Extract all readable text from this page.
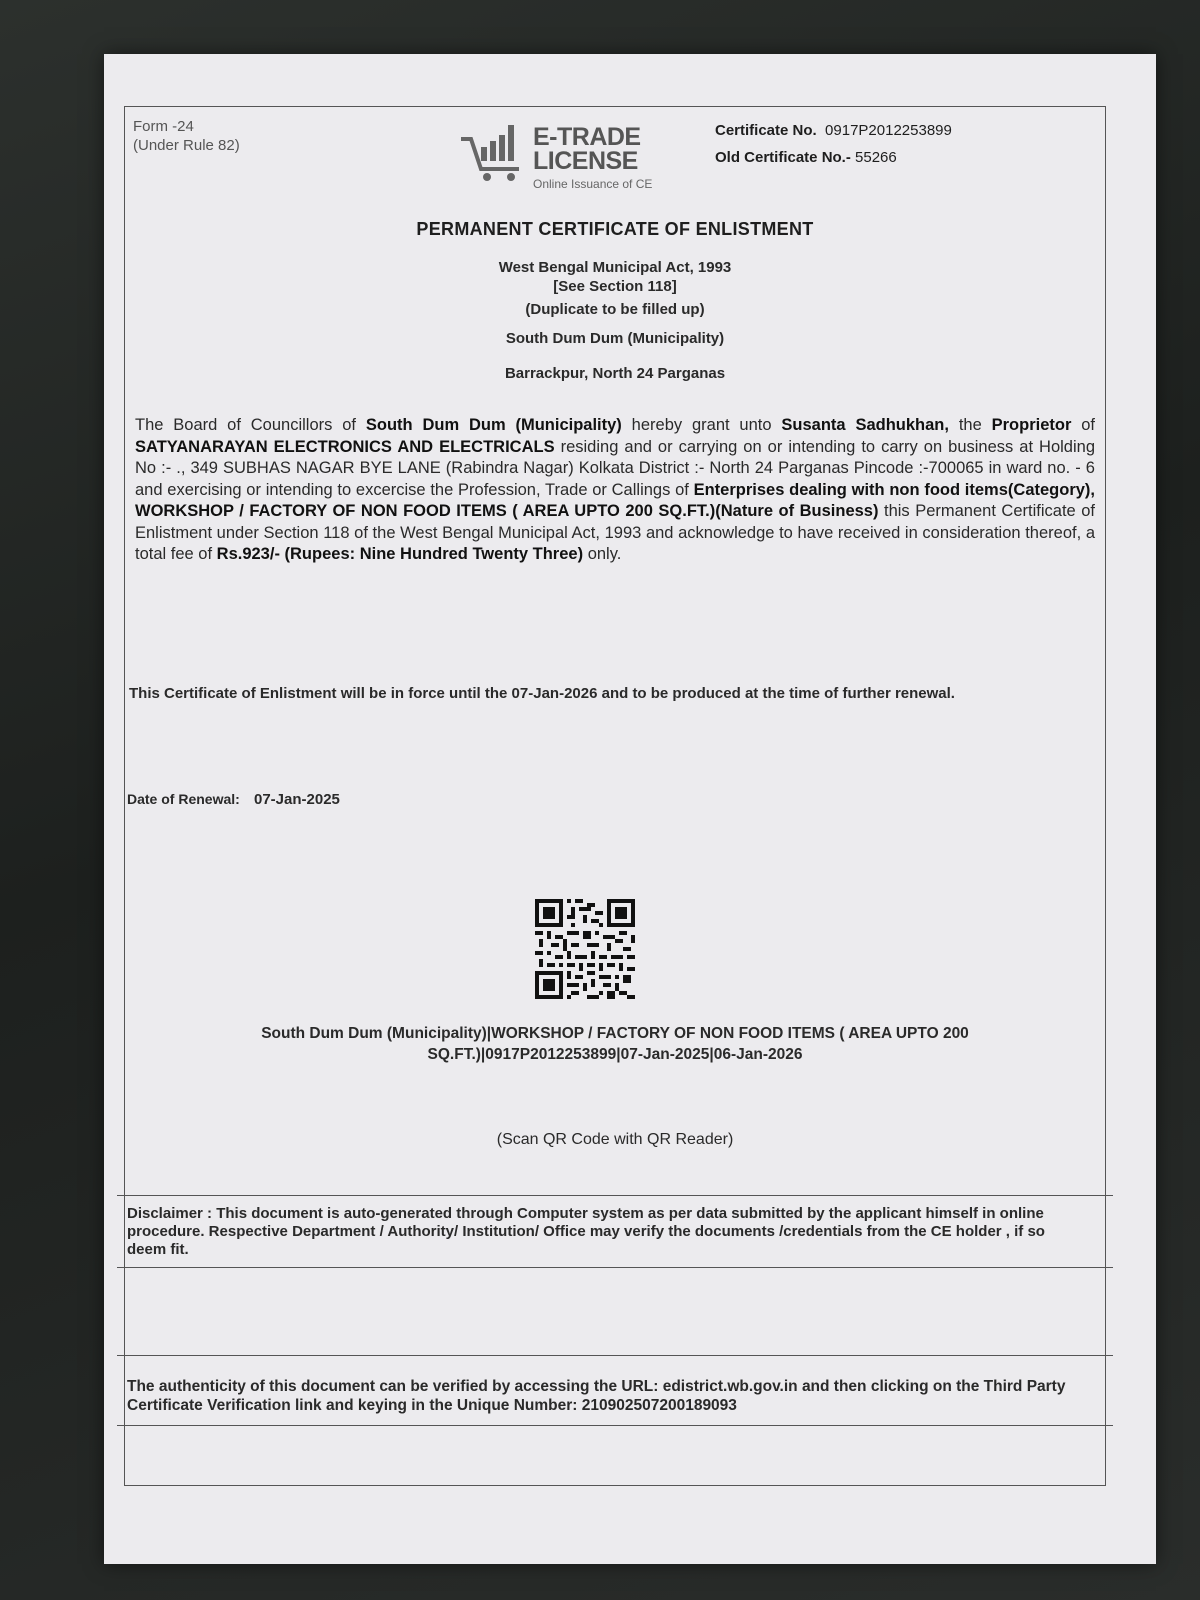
Form -24
(Under Rule 82)	E-TRADE
LICENSE
Online Issuance of CE
Certificate No. 0917P2012253899
Old Certificate No.- 55266
PERMANENT CERTIFICATE OF ENLISTMENT
West Bengal Municipal Act, 1993
[See Section 118]
(Duplicate to be filled up)
South Dum Dum (Municipality)
Barrackpur, North 24 Parganas
The Board of Councillors of South Dum Dum (Municipality) hereby grant unto Susanta Sadhukhan, the Proprietor of SATYANARAYAN ELECTRONICS AND ELECTRICALS residing and or carrying on or intending to carry on business at Holding No :- ., 349 SUBHAS NAGAR BYE LANE (Rabindra Nagar) Kolkata District :- North 24 Parganas Pincode :-700065 in ward no. - 6 and exercising or intending to excercise the Profession, Trade or Callings of Enterprises dealing with non food items(Category), WORKSHOP / FACTORY OF NON FOOD ITEMS ( AREA UPTO 200 SQ.FT.)(Nature of Business) this Permanent Certificate of Enlistment under Section 118 of the West Bengal Municipal Act, 1993 and acknowledge to have received in consideration thereof, a total fee of Rs.923/- (Rupees: Nine Hundred Twenty Three) only.
This Certificate of Enlistment will be in force until the 07-Jan-2026 and to be produced at the time of further renewal.
Date of Renewal: 07-Jan-2025
South Dum Dum (Municipality)|WORKSHOP / FACTORY OF NON FOOD ITEMS ( AREA UPTO 200 SQ.FT.)|0917P2012253899|07-Jan-2025|06-Jan-2026
(Scan QR Code with QR Reader)
Disclaimer : This document is auto-generated through Computer system as per data submitted by the applicant himself in online procedure. Respective Department / Authority/ Institution/ Office may verify the documents /credentials from the CE holder , if so deem fit.
The authenticity of this document can be verified by accessing the URL: edistrict.wb.gov.in and then clicking on the Third Party Certificate Verification link and keying in the Unique Number: 210902507200189093
